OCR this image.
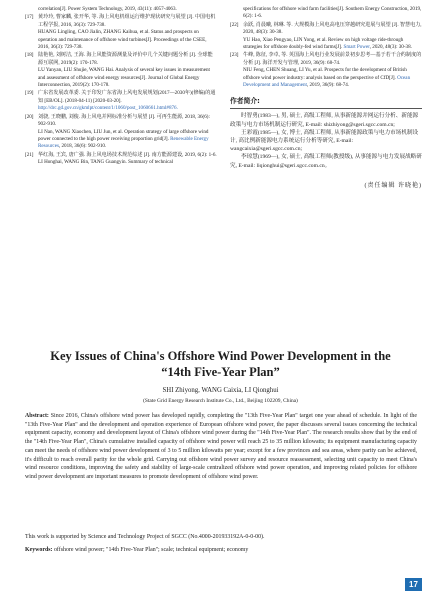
correlation[J]. Power System Technology, 2019, 43(11): 4057-4063.
[17] 黄玲玲, 曹家麟, 张开华, 等. 海上风电机组运行维护现状研究与展望 [J]. 中国电机工程学报, 2016, 36(3): 729-738.
HUANG Lingling, CAO Jialin, ZHANG Kaihua, et al. Status and prospects on operation and maintenance of offshore wind turbines[J]. Proceedings of the CSEE, 2016, 36(3): 729-738.
[18] 陆艳艳, 刘树洁, 王海. 海上风能资源测量及评价中几个关键问题分析 [J]. 全球能源互联网, 2019(2): 170-178.
LU Yanyan, LIU Shujie, WANG Hai. Analysis of several key issues in measurement and assessment of offshore wind energy resources[J]. Journal of Global Energy Interconnection, 2019(2): 170-178.
[19] 广东省发展改革委. 关于印发广东省海上风电发展规划(2017—2030年)(修编)的通知 [EB/OL]. (2018-04-11) [2020-03-20]. http://drc.gd.gov.cn/gkmlpt/content/1/1060/post_1060661.html#876.
[20] 刘骁, 王晓鹏, 刘俊. 海上风电并网标准分析与展望 [J]. 可再生能源, 2018, 36(6): 902-910.
LI Nan, WANG Xiaochen, LIU Jun, et al. Operation strategy of large offshore wind power connected to the high power receiving proportion grid[J]. Renewable Energy Resources, 2018, 36(6): 902-910.
[21] 华红海, 王宾, 唐广强. 海上风电场技术规范综述 [J]. 南方能源建设, 2019, 6(2): 1-6.
LI Honghai, WANG Bin, TANG Guangyin. Summary of technical
specifications for offshore wind farm facilities[J]. Southern Energy Construction, 2019, 6(2): 1-6.
[22] 余跃, 肖晨曦, 林琳. 等. 大规模海上风电高电压穿越研究进展与展望 [J]. 智慧电力, 2020, 48(3): 30-38.
YU Hao, Xiao Pengyao, LIN Yong, et al. Review on high voltage ride-through strategies for offshore doubly-fed wind farms[J]. Smart Power, 2020, 48(3): 30-38.
[23] 牛峰, 陈征, 李卓, 等. 英国海上风电行业发展前景初步思考—基于若干合约制度的分析 [J]. 海洋开发与管理, 2019, 36(9): 68-74.
NIU Feng, CHEN Shuang, LI Yu, et al. Prospects for the development of British offshore wind power industry: analysis based on the perspective of CfD[J]. Ocean Development and Management, 2019, 36(9): 68-74.
作者简介:
时智勇(1983—), 男, 硕士, 高级工程师, 从事新能源并网运行分析、新能源政策与电力市场机制运行研究, E-mail: shizhiyong@sgeri.sgcc.com.cn;
王彩霞(1985—), 女, 博士, 高级工程师, 从事新能源政策与电力市场机制设计, 高比例新能源电力系统运行分析等研究, E-mail: wangcaixia@sgeri.sgcc.com.cn;
李琼慧(1969—), 女, 硕士, 高级工程师(教授级), 从事能源与电力发展战略研究, E-mail: liqionghui@sgeri.sgcc.com.cn。
(责任编辑 许晓艳)
Key Issues of China's Offshore Wind Power Development in the
“14th Five-Year Plan”
SHI Zhiyong, WANG Caixia, LI Qionghui
(State Grid Energy Research Institute Co., Ltd., Beijing 102209, China)
Abstract: Since 2016, China's offshore wind power has developed rapidly, completing the "13th Five-Year Plan" target one year ahead of schedule. In light of the "13th Five-Year Plan" and the development and operation experience of European offshore wind power, the paper discusses several issues concerning the technical equipment capacity, economy and development layout of China's offshore wind power during the "14th Five-Year Plan". The research results show that by the end of the "14th Five-Year Plan", China's cumulative installed capacity of offshore wind power will reach 25 to 35 million kilowatts; its equipment manufacturing capacity can meet the needs of offshore wind power development of 3 to 5 million kilowatts per year; except for a few provinces and sea areas, where parity can be achieved, it's difficult to reach overall parity for the whole grid. Carrying out offshore wind power survey and resource reassessment, selecting unit capacity to meet China's wind resource conditions, improving the safety and stability of large-scale centralized offshore wind power operation, and improving related policies for offshore wind power development are important measures to promote development of offshore wind power.
This work is supported by Science and Technology Project of SGCC (No.4000-201933192A-0-0-00).
Keywords: offshore wind power; "14th Five-Year Plan"; scale; technical equipment; economy
17
